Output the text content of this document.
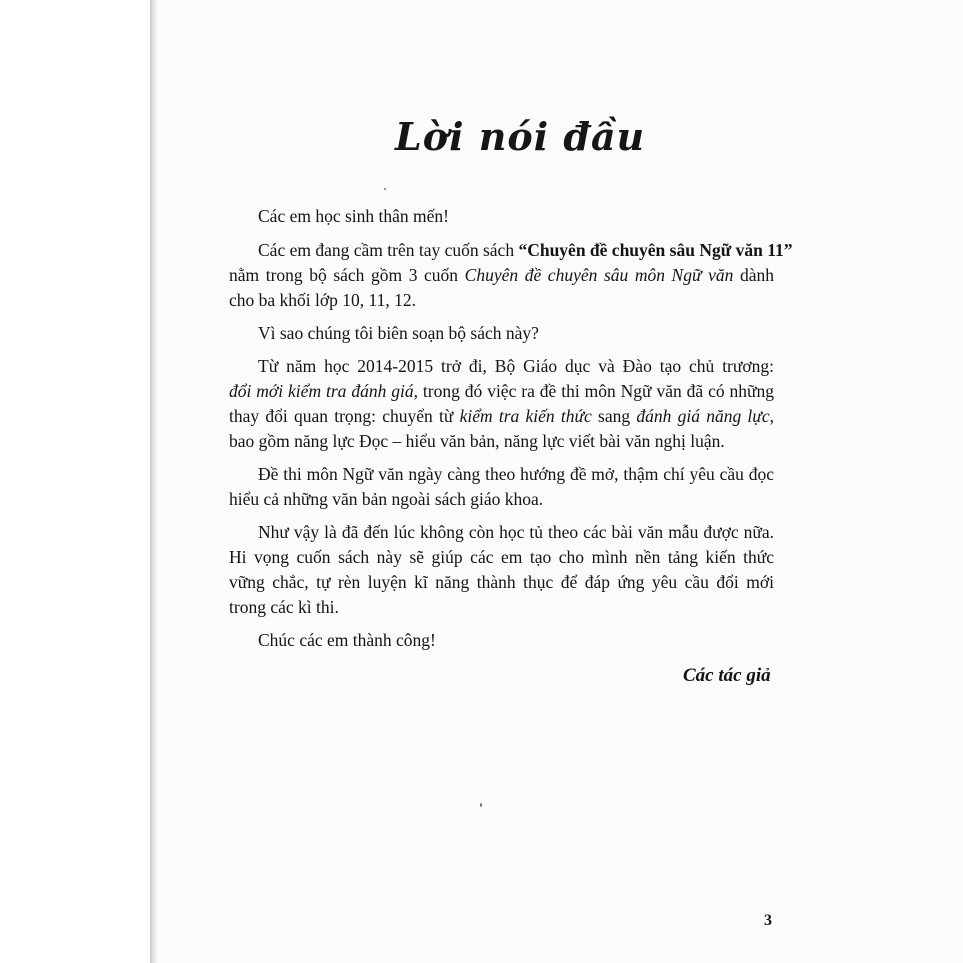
Lời nói đầu

Các em học sinh thân mến!

Các em đang cầm trên tay cuốn sách “Chuyên đề chuyên sâu Ngữ văn 11”

nằm trong bộ sách gồm 3 cuốn Chuyên đề chuyên sâu môn Ngữ văn dành

cho ba khối lớp 10, 11, 12.

Vì sao chúng tôi biên soạn bộ sách này?

Từ năm học 2014-2015 trở đi, Bộ Giáo dục và Đào tạo chủ trương:

đổi mới kiểm tra đánh giá, trong đó việc ra đề thi môn Ngữ văn đã có những

thay đổi quan trọng: chuyển từ kiểm tra kiến thức sang đánh giá năng lực,

bao gồm năng lực Đọc – hiểu văn bản, năng lực viết bài văn nghị luận.

Đề thi môn Ngữ văn ngày càng theo hướng đề mở, thậm chí yêu cầu đọc

hiểu cả những văn bản ngoài sách giáo khoa.

Như vậy là đã đến lúc không còn học tủ theo các bài văn mẫu được nữa.

Hi vọng cuốn sách này sẽ giúp các em tạo cho mình nền tảng kiến thức

vững chắc, tự rèn luyện kĩ năng thành thục để đáp ứng yêu cầu đổi mới

trong các kì thi.

Chúc các em thành công!

Các tác giả

3
